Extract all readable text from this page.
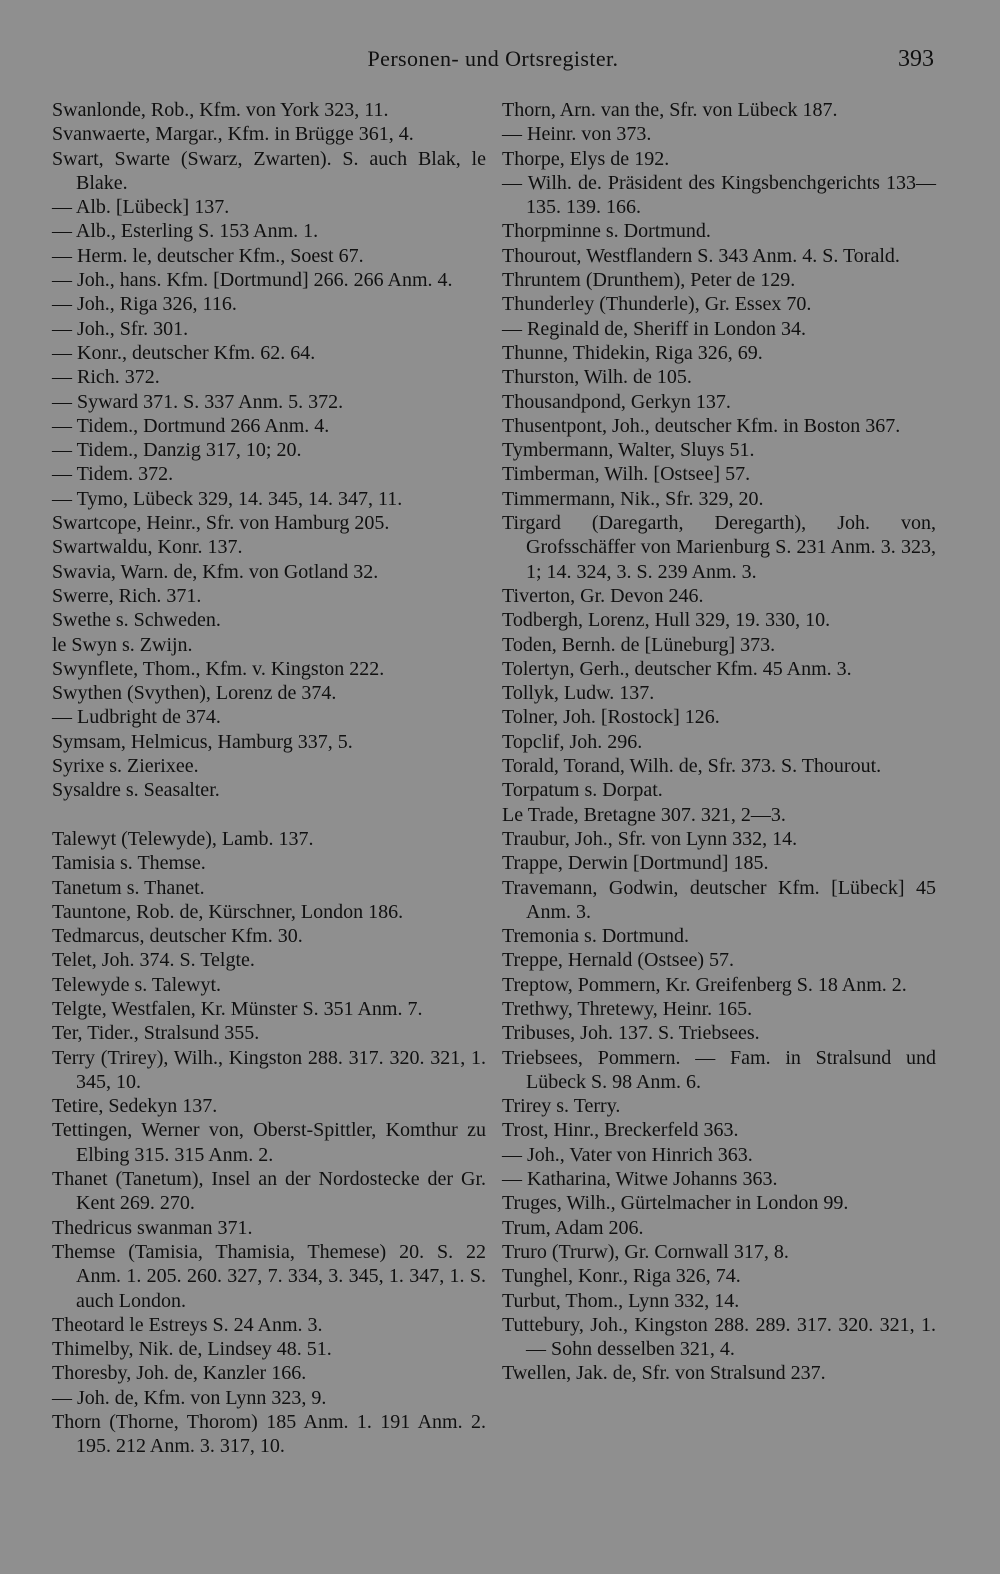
Personen- und Ortsregister.	393

Swanlonde, Rob., Kfm. von York 323, 11.

Svanwaerte, Margar., Kfm. in Brügge 361, 4.

Swart, Swarte (Swarz, Zwarten). S. auch Blak, le Blake.

— Alb. [Lübeck] 137.

— Alb., Esterling S. 153 Anm. 1.

— Herm. le, deutscher Kfm., Soest 67.

— Joh., hans. Kfm. [Dortmund] 266. 266 Anm. 4.

— Joh., Riga 326, 116.

— Joh., Sfr. 301.

— Konr., deutscher Kfm. 62. 64.

— Rich. 372.

— Syward 371. S. 337 Anm. 5. 372.

— Tidem., Dortmund 266 Anm. 4.

— Tidem., Danzig 317, 10; 20.

— Tidem. 372.

— Tymo, Lübeck 329, 14. 345, 14. 347, 11.

Swartcope, Heinr., Sfr. von Hamburg 205.

Swartwaldu, Konr. 137.

Swavia, Warn. de, Kfm. von Gotland 32.

Swerre, Rich. 371.

Swethe s. Schweden.

le Swyn s. Zwijn.

Swynflete, Thom., Kfm. v. Kingston 222.

Swythen (Svythen), Lorenz de 374.

— Ludbright de 374.

Symsam, Helmicus, Hamburg 337, 5.

Syrixe s. Zierixee.

Sysaldre s. Seasalter.

Talewyt (Telewyde), Lamb. 137.

Tamisia s. Themse.

Tanetum s. Thanet.

Tauntone, Rob. de, Kürschner, London 186.

Tedmarcus, deutscher Kfm. 30.

Telet, Joh. 374. S. Telgte.

Telewyde s. Talewyt.

Telgte, Westfalen, Kr. Münster S. 351 Anm. 7.

Ter, Tider., Stralsund 355.

Terry (Trirey), Wilh., Kingston 288. 317. 320. 321, 1. 345, 10.

Tetire, Sedekyn 137.

Tettingen, Werner von, Oberst-Spittler, Komthur zu Elbing 315. 315 Anm. 2.

Thanet (Tanetum), Insel an der Nordostecke der Gr. Kent 269. 270.

Thedricus swanman 371.

Themse (Tamisia, Thamisia, Themese) 20. S. 22 Anm. 1. 205. 260. 327, 7. 334, 3. 345, 1. 347, 1. S. auch London.

Theotard le Estreys S. 24 Anm. 3.

Thimelby, Nik. de, Lindsey 48. 51.

Thoresby, Joh. de, Kanzler 166.

— Joh. de, Kfm. von Lynn 323, 9.

Thorn (Thorne, Thorom) 185 Anm. 1. 191 Anm. 2. 195. 212 Anm. 3. 317, 10.

Thorn, Arn. van the, Sfr. von Lübeck 187.

— Heinr. von 373.

Thorpe, Elys de 192.

— Wilh. de. Präsident des Kingsbenchgerichts 133—135. 139. 166.

Thorpminne s. Dortmund.

Thourout, Westflandern S. 343 Anm. 4. S. Torald.

Thruntem (Drunthem), Peter de 129.

Thunderley (Thunderle), Gr. Essex 70.

— Reginald de, Sheriff in London 34.

Thunne, Thidekin, Riga 326, 69.

Thurston, Wilh. de 105.

Thousandpond, Gerkyn 137.

Thusentpont, Joh., deutscher Kfm. in Boston 367.

Tymbermann, Walter, Sluys 51.

Timberman, Wilh. [Ostsee] 57.

Timmermann, Nik., Sfr. 329, 20.

Tirgard (Daregarth, Deregarth), Joh. von, Grofsschäffer von Marienburg S. 231 Anm. 3. 323, 1; 14. 324, 3. S. 239 Anm. 3.

Tiverton, Gr. Devon 246.

Todbergh, Lorenz, Hull 329, 19. 330, 10.

Toden, Bernh. de [Lüneburg] 373.

Tolertyn, Gerh., deutscher Kfm. 45 Anm. 3.

Tollyk, Ludw. 137.

Tolner, Joh. [Rostock] 126.

Topclif, Joh. 296.

Torald, Torand, Wilh. de, Sfr. 373. S. Thourout.

Torpatum s. Dorpat.

Le Trade, Bretagne 307. 321, 2—3.

Traubur, Joh., Sfr. von Lynn 332, 14.

Trappe, Derwin [Dortmund] 185.

Travemann, Godwin, deutscher Kfm. [Lübeck] 45 Anm. 3.

Tremonia s. Dortmund.

Treppe, Hernald (Ostsee) 57.

Treptow, Pommern, Kr. Greifenberg S. 18 Anm. 2.

Trethwy, Thretewy, Heinr. 165.

Tribuses, Joh. 137. S. Triebsees.

Triebsees, Pommern. — Fam. in Stralsund und Lübeck S. 98 Anm. 6.

Trirey s. Terry.

Trost, Hinr., Breckerfeld 363.

— Joh., Vater von Hinrich 363.

— Katharina, Witwe Johanns 363.

Truges, Wilh., Gürtelmacher in London 99.

Trum, Adam 206.

Truro (Trurw), Gr. Cornwall 317, 8.

Tunghel, Konr., Riga 326, 74.

Turbut, Thom., Lynn 332, 14.

Tuttebury, Joh., Kingston 288. 289. 317. 320. 321, 1. — Sohn desselben 321, 4.

Twellen, Jak. de, Sfr. von Stralsund 237.
